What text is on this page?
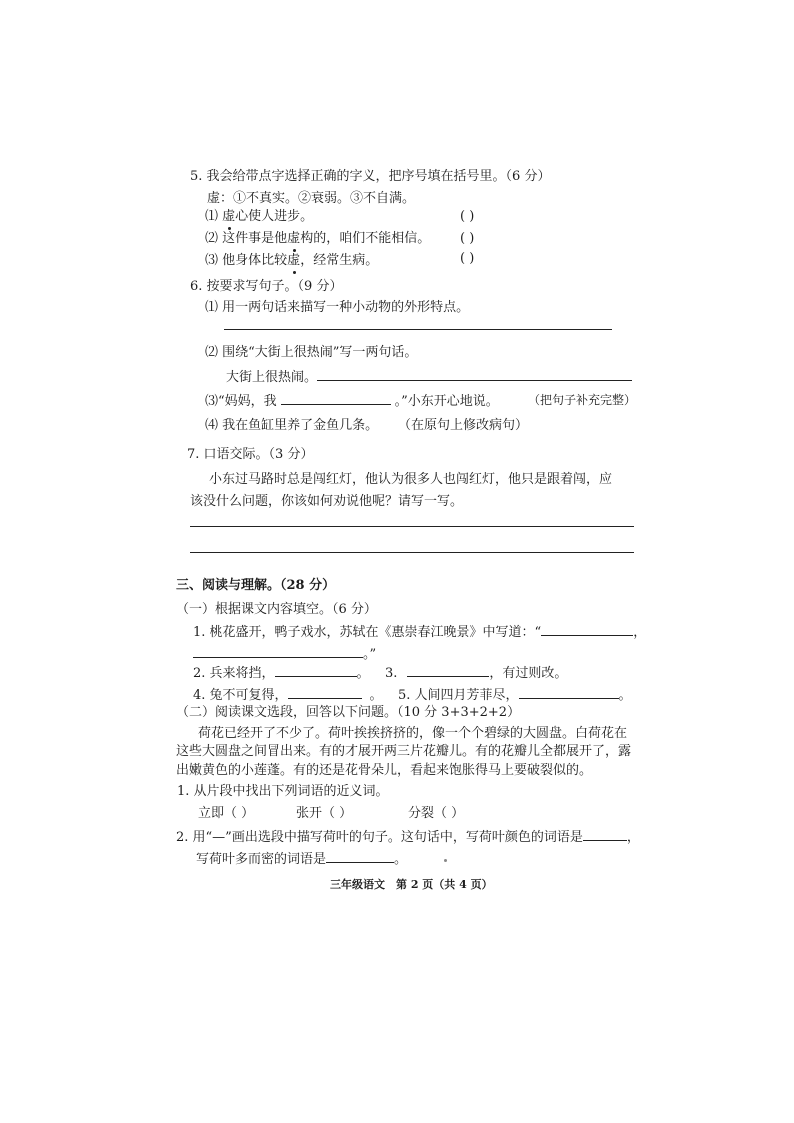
5. 我会给带点字选择正确的字义，把序号填在括号里。（6 分）
虚：①不真实。②衰弱。③不自满。
⑴ 虚心使人进步。	( )
⑵ 这件事是他虚构的，咱们不能相信。 ( )
⑶ 他身体比较虚，经常生病。	( )
6. 按要求写句子。（9 分）
⑴ 用一两句话来描写一种小动物的外形特点。
⑵ 围绕“大街上很热闹”写一两句话。
大街上很热闹。
⑶“妈妈，我	。”小东开心地说。 （把句子补充完整）
⑷ 我在鱼缸里养了金鱼几条。 （在原句上修改病句）
7. 口语交际。（3 分）
小东过马路时总是闯红灯，他认为很多人也闯红灯，他只是跟着闯，应
该没什么问题，你该如何劝说他呢？请写一写。
三、阅读与理解。（28 分）
（一）根据课文内容填空。（6 分）
1. 桃花盛开，鸭子戏水，苏轼在《惠崇春江晚景》中写道：“	，
。”
2. 兵来将挡，	。 3.	，有过则改。
4. 兔不可复得，	。 5. 人间四月芳菲尽，	。
（二）阅读课文选段，回答以下问题。（10 分 3+3+2+2）
荷花已经开了不少了。荷叶挨挨挤挤的，像一个个碧绿的大圆盘。白荷花在
这些大圆盘之间冒出来。有的才展开两三片花瓣儿。有的花瓣儿全都展开了，露
出嫩黄色的小莲蓬。有的还是花骨朵儿，看起来饱胀得马上要破裂似的。
1. 从片段中找出下列词语的近义词。
立即（ ）	张开（ ）	分裂（ ）
2. 用“—”画出选段中描写荷叶的句子。这句话中，写荷叶颜色的词语是	，
写荷叶多而密的词语是	。
三年级语文　第 2 页（共 4 页）
